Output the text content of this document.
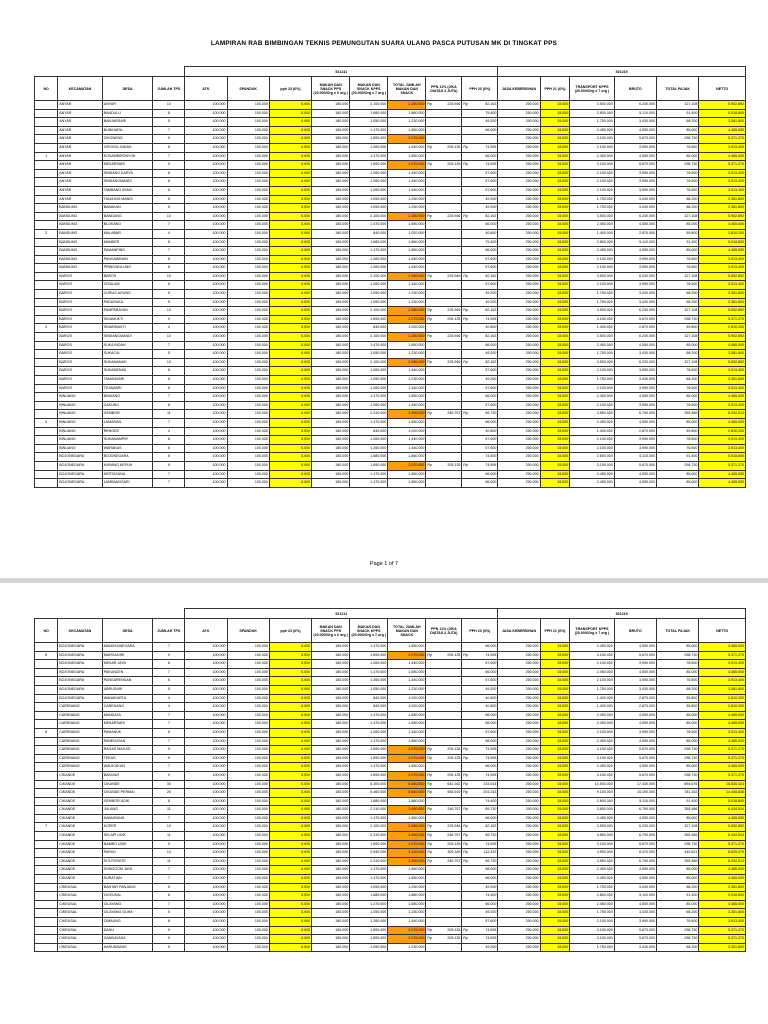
LAMPIRAN RAB BIMBINGAN TEKNIS PEMUNGUTAN SUARA ULANG PASCA PUTUSAN MK DI TINGKAT PPS
				521211								521219					
NO	KECAMATAN	DESA	JUMLAH TPS	ATK	SPANDUK	pph 23 (6%)	MAKAN DAN SNACK PPS (20.000/Org x 6 org )	MAKAN DAN SNACK KPPS (20.000/Org x 7 org )	TOTAL JUMLAH MAKAN DAN SNACK	PPN 11% (JIKA DIATAS 2 JUTA)	PPH 23 (6%)	JASA KEBERSIHAN	PPH 21 (6%)	TRANSPORT KPPS (20.000/Org x 7 org )	BRUTO	TOTAL PAJAK	NETTO
	ANYAR	ANYAR	10	100.000	100.000	6.000	180.000	2.100.000	2.280.000	Rp 225.946	Rp 82.162	250.000	15.000	3.500.000	6.230.000	327.108	5.902.892
	ANYAR	BANDULU	8	100.000	100.000	6.000	180.000	1.680.000	1.860.000		79.400	250.000	15.000	2.800.000	5.110.000	91.400	5.018.600
	ANYAR	BANJARSARI	5	100.000	100.000	6.000	180.000	1.050.000	1.230.000		49.200	250.000	15.000	1.750.000	3.430.000	68.200	3.361.800
	ANYAR	BUNIHARA	7	100.000	100.000	6.000	180.000	1.470.000	1.650.000		66.000	250.000	15.000	2.450.000	4.550.000	85.000	4.465.000
	ANYAR	CIKONENG	9	100.000	100.000	6.000	180.000	1.890.000	2.070.000			250.000	15.000	3.150.000	5.670.000	298.730	5.371.270
	ANYAR	GROGOL INDAH	6	100.000	100.000	6.000	180.000	1.260.000	1.440.000	Rp 205.135	Rp 74.595	250.000	15.000	2.100.000	3.990.000	76.600	3.913.400
1	ANYAR	KOSAMBIRONYOK	7	100.000	100.000	6.000	180.000	1.470.000	1.650.000		66.000	250.000	15.000	2.450.000	4.550.000	85.000	4.465.000
	ANYAR	MEKARSARI	9	100.000	100.000	6.000	180.000	1.890.000	2.070.000	Rp 205.135	Rp 74.595	250.000	15.000	3.150.000	5.670.000	298.730	5.371.270
	ANYAR	SINDANG KARYA	6	100.000	100.000	6.000	180.000	1.260.000	1.440.000		57.600	250.000	15.000	2.100.000	3.990.000	76.600	3.913.400
	ANYAR	SINDANGMANDI	6	100.000	100.000	6.000	180.000	1.260.000	1.440.000		57.600	250.000	15.000	2.100.000	3.990.000	76.600	3.913.400
	ANYAR	TAMBANG AYAM	6	100.000	100.000	6.000	180.000	1.260.000	1.440.000		57.600	250.000	15.000	2.100.000	3.990.000	76.600	3.913.400
	ANYAR	TANJUNG MANIS	5	100.000	100.000	6.000	180.000	1.050.000	1.230.000		49.200	250.000	15.000	1.750.000	3.430.000	68.200	3.361.800
	BANDUNG	BABAKAN	5	100.000	100.000	6.000	180.000	1.050.000	1.230.000		49.200	250.000	15.000	1.750.000	3.430.000	68.200	3.361.800
	BANDUNG	BANDUNG	10	100.000	100.000	6.000	180.000	2.100.000	2.280.000	Rp 225.946	Rp 82.162	250.000	15.000	3.500.000	6.230.000	327.108	5.902.892
	BANDUNG	BLOKANG	7	100.000	100.000	6.000	180.000	1.470.000	1.650.000		66.000	250.000	15.000	2.450.000	4.550.000	85.000	4.465.000
2	BANDUNG	MALABAR	4	100.000	100.000	6.000	180.000	840.000	1.020.000		40.800	250.000	15.000	1.400.000	2.870.000	59.800	2.810.200
	BANDUNG	MANDER	8	100.000	100.000	6.000	180.000	1.680.000	1.860.000		79.400	250.000	15.000	2.800.000	5.110.000	91.400	5.018.600
	BANDUNG	PAMANPING	7	100.000	100.000	6.000	180.000	1.470.000	1.650.000		66.000	250.000	15.000	2.450.000	4.550.000	85.000	4.465.000
	BANDUNG	PANGAWINAN	6	100.000	100.000	6.000	180.000	1.260.000	1.440.000		57.600	250.000	15.000	2.100.000	3.990.000	76.600	3.913.400
	BANDUNG	PRINGWULUNG	6	100.000	100.000	6.000	180.000	1.260.000	1.440.000		57.600	250.000	15.000	2.100.000	3.990.000	76.600	3.913.400
	BAROS	BAROS	10	100.000	100.000	6.000	180.000	2.100.000	2.280.000	Rp 225.946	Rp 82.162	250.000	15.000	3.500.000	6.230.000	327.108	5.902.892
	BAROS	CISALAM	6	100.000	100.000	6.000	180.000	1.260.000	1.440.000		57.600	250.000	15.000	2.100.000	3.990.000	76.600	3.913.400
	BAROS	CURUG AGUNG	5	100.000	100.000	6.000	180.000	1.050.000	1.230.000		49.200	250.000	15.000	1.750.000	3.430.000	68.200	3.361.800
	BAROS	PADASUKA	5	100.000	100.000	6.000	180.000	1.050.000	1.230.000		49.200	250.000	15.000	1.750.000	3.430.000	68.200	3.361.800
	BAROS	PAMPARAYAN	10	100.000	100.000	6.000	180.000	2.100.000	2.280.000	Rp 225.946	Rp 82.162	250.000	15.000	3.500.000	6.230.000	327.108	5.902.892
	BAROS	SIDAMUKTI	9	100.000	100.000	6.000	180.000	1.890.000	2.070.000	Rp 205.135	Rp 74.595	250.000	15.000	3.150.000	5.670.000	298.730	5.371.270
3	BAROS	SINARMUKTI	4	100.000	100.000	6.000	180.000	840.000	1.020.000		40.800	250.000	15.000	1.400.000	2.870.000	59.800	2.810.200
	BAROS	SINDANGMANDI	10	100.000	100.000	6.000	180.000	2.100.000	2.280.000	Rp 225.946	Rp 82.162	250.000	15.000	3.500.000	6.230.000	327.108	5.902.892
	BAROS	SUKA INDAH	7	100.000	100.000	6.000	180.000	1.470.000	1.650.000		66.000	250.000	15.000	2.450.000	4.550.000	85.000	4.465.000
	BAROS	SUKACAI	5	100.000	100.000	6.000	180.000	1.050.000	1.230.000		49.200	250.000	15.000	1.750.000	3.430.000	68.200	3.361.800
	BAROS	SUKAMANAH	10	100.000	100.000	6.000	180.000	2.100.000	2.280.000	Rp 225.946	Rp 82.162	250.000	15.000	3.500.000	6.230.000	327.108	5.902.892
	BAROS	SUKAMENAK	6	100.000	100.000	6.000	180.000	1.260.000	1.440.000		57.600	250.000	15.000	2.100.000	3.990.000	76.600	3.913.400
	BAROS	TAMANSARI	5	100.000	100.000	6.000	180.000	1.050.000	1.230.000		49.200	250.000	15.000	1.750.000	3.430.000	68.200	3.361.800
	BAROS	TEJAMARI	6	100.000	100.000	6.000	180.000	1.260.000	1.440.000		57.600	250.000	15.000	2.100.000	3.990.000	76.600	3.913.400
	BINUANG	BINUANG	7	100.000	100.000	6.000	180.000	1.470.000	1.650.000		66.000	250.000	15.000	2.450.000	4.550.000	85.000	4.465.000
	BINUANG	CAKUNG	6	100.000	100.000	6.000	180.000	1.260.000	1.440.000		57.600	250.000	15.000	2.100.000	3.990.000	76.600	3.913.400
	BINUANG	GEMBOR	11	100.000	100.000	6.000	180.000	2.310.000	2.490.000	Rp 246.757	Rp 89.730	250.000	15.000	3.850.000	6.790.000	355.486	6.434.514
4	BINUANG	LAMARAN	7	100.000	100.000	6.000	180.000	1.470.000	1.650.000		66.000	250.000	15.000	2.450.000	4.550.000	85.000	4.465.000
	BINUANG	RENGED	4	100.000	100.000	6.000	180.000	840.000	1.020.000		40.800	250.000	15.000	1.400.000	2.870.000	59.800	2.810.200
	BINUANG	SUKAMAMPIR	6	100.000	100.000	6.000	180.000	1.260.000	1.440.000		57.600	250.000	15.000	2.100.000	3.990.000	76.600	3.913.400
	BINUANG	WARAKAS	6	100.000	100.000	6.000	180.000	1.260.000	1.440.000		57.600	250.000	15.000	2.100.000	3.990.000	76.600	3.913.400
	BOJONEGARA	BOJONEGARA	8	100.000	100.000	6.000	180.000	1.680.000	1.860.000		74.400	250.000	15.000	2.800.000	5.110.000	91.400	5.018.600
	BOJONEGARA	KARANG KEPUH	9	100.000	100.000	6.000	180.000	1.890.000	2.070.000	Rp 205.135	Rp 74.595	250.000	15.000	3.150.000	5.670.000	298.730	5.371.270
	BOJONEGARA	KERTASANA	7	100.000	100.000	6.000	180.000	1.470.000	1.650.000		66.000	250.000	15.000	2.450.000	4.550.000	85.000	4.465.000
	BOJONEGARA	LAMBANGSARI	7	100.000	100.000	6.000	180.000	1.470.000	1.650.000		66.000	250.000	15.000	2.450.000	4.550.000	85.000	4.465.000
Page 1 of 7
				521211								521219					
NO	KECAMATAN	DESA	JUMLAH TPS	ATK	SPANDUK	pph 23 (6%)	MAKAN DAN SNACK PPS (20.000/Org x 6 org )	MAKAN DAN SNACK KPPS (20.000/Org x 7 org )	TOTAL JUMLAH MAKAN DAN SNACK	PPN 11% (JIKA DIATAS 2 JUTA)	PPH 23 (6%)	JASA KEBERSIHAN	PPH 21 (6%)	TRANSPORT KPPS (20.000/Org x 7 org )	BRUTO	TOTAL PAJAK	NETTO
	BOJONEGARA	MANGKUNEGARA	7	100.000	100.000	6.000	180.000	1.470.000	1.650.000		66.000	250.000	15.000	2.450.000	4.550.000	85.000	4.465.000
5	BOJONEGARA	MARGAGIRI	9	100.000	100.000	6.000	180.000	1.890.000	2.070.000	Rp 205.135	Rp 74.595	250.000	15.000	3.150.000	5.670.000	298.730	5.371.270
	BOJONEGARA	MEKAR JAYA	6	100.000	100.000	6.000	180.000	1.260.000	1.440.000		57.600	250.000	15.000	2.100.000	3.990.000	76.600	3.913.400
	BOJONEGARA	PAKUNCEN	7	100.000	100.000	6.000	180.000	1.470.000	1.650.000		66.000	250.000	15.000	2.450.000	4.550.000	85.000	4.465.000
	BOJONEGARA	PANGARENGAN	6	100.000	100.000	6.000	180.000	1.260.000	1.440.000		57.600	250.000	15.000	2.100.000	3.990.000	76.600	3.913.400
	BOJONEGARA	UBRUSARI	5	100.000	100.000	6.000	180.000	1.050.000	1.230.000		49.200	250.000	15.000	1.750.000	3.430.000	68.200	3.361.800
	BOJONEGARA	WANAKARTA	4	100.000	100.000	6.000	180.000	840.000	1.020.000		40.800	250.000	15.000	1.400.000	2.870.000	59.800	2.810.200
	CARENANG	CARENANG	4	100.000	100.000	6.000	180.000	840.000	1.020.000		40.800	250.000	15.000	1.400.000	2.870.000	59.800	2.810.200
	CARENANG	MANDAYA	7	100.000	100.000	6.000	180.000	1.470.000	1.650.000		66.000	250.000	15.000	2.450.000	4.550.000	85.000	4.465.000
	CARENANG	MEKARSARI	7	100.000	100.000	6.000	180.000	1.470.000	1.650.000		66.000	250.000	15.000	2.450.000	4.550.000	85.000	4.465.000
6	CARENANG	PAMANUK	6	100.000	100.000	6.000	180.000	1.260.000	1.440.000		57.600	250.000	15.000	2.100.000	3.990.000	76.600	3.913.400
	CARENANG	PANENJOAN	7	100.000	100.000	6.000	180.000	1.470.000	1.650.000		66.000	250.000	15.000	2.450.000	4.550.000	85.000	4.465.000
	CARENANG	RAGAS MASJID	9	100.000	100.000	6.000	180.000	1.890.000	2.070.000	Rp 205.135	Rp 74.595	250.000	15.000	3.150.000	5.670.000	298.730	5.371.270
	CARENANG	TEKAS	9	100.000	100.000	6.000	180.000	1.890.000	2.070.000	Rp 205.135	Rp 74.595	250.000	15.000	3.150.000	5.670.000	298.730	5.371.270
	CARENANG	WALIKUKUN	7	100.000	100.000	6.000	180.000	1.470.000	1.650.000		66.000	250.000	15.000	2.450.000	4.550.000	85.000	4.465.000
	CIKANDE	BAKUNG	9	100.000	100.000	6.000	180.000	1.890.000	2.070.000	Rp 205.135	Rp 74.595	250.000	15.000	3.150.000	5.670.000	298.730	5.371.270
	CIKANDE	CIKANDE	30	100.000	100.000	6.000	180.000	6.300.000	6.480.000	Rp 642.162	Rp 233.514	250.000	15.000	10.500.000	17.430.000	894.676	16.535.324
	CIKANDE	CIKANDE PERMAI	26	100.000	100.000	6.000	180.000	5.460.000	5.640.000	Rp 558.919	Rp 203.243	250.000	15.000	9.100.000	15.190.000	781.162	14.408.838
	CIKANDE	GEMBOR UDIK	8	100.000	100.000	6.000	180.000	1.680.000	1.860.000		74.400	250.000	15.000	2.800.000	5.110.000	91.400	5.018.600
	CIKANDE	JULANG	11	100.000	100.000	6.000	180.000	2.310.000	2.490.000	Rp 246.757	Rp 89.730	250.000	15.000	3.850.000	6.790.000	355.486	6.434.514
	CIKANDE	KAMURANG	7	100.000	100.000	6.000	180.000	1.470.000	1.650.000		66.000	250.000	15.000	2.450.000	4.550.000	85.000	4.465.000
7	CIKANDE	KOPER	10	100.000	100.000	6.000	180.000	2.100.000	2.280.000	Rp 225.946	Rp 82.162	250.000	15.000	3.500.000	6.230.000	327.108	5.902.892
	CIKANDE	SELAPI UDIK	11	100.000	100.000	6.000	180.000	2.310.000	2.490.000	Rp 246.757	Rp 89.730	250.000	15.000	3.850.000	6.790.000	355.486	6.434.514
	CIKANDE	NAMBO UDIK	9	100.000	100.000	6.000	180.000	1.890.000	2.070.000	Rp 205.135	Rp 74.595	250.000	15.000	3.150.000	5.670.000	298.730	5.371.270
	CIKANDE	PARIGI	14	100.000	100.000	6.000	180.000	2.940.000	3.120.000	Rp 309.189	Rp 112.432	250.000	15.000	4.900.000	8.470.000	440.621	8.029.379
	CIKANDE	SITUTERATE	11	100.000	100.000	6.000	180.000	2.310.000	2.490.000	Rp 246.757	Rp 89.730	250.000	15.000	3.850.000	6.790.000	355.486	6.434.514
	CIKANDE	SONGGOM JAYA	7	100.000	100.000	6.000	180.000	1.470.000	1.650.000		66.000	250.000	15.000	2.450.000	4.550.000	85.000	4.465.000
	CIKANDE	SURATIAN	7	100.000	100.000	6.000	180.000	1.470.000	1.650.000		66.000	250.000	15.000	2.450.000	4.550.000	85.000	4.465.000
	CIKEUSAL	BANTAR PANJANG	5	100.000	100.000	6.000	180.000	1.050.000	1.230.000		49.200	250.000	15.000	1.750.000	3.430.000	68.200	3.361.800
	CIKEUSAL	CIKEUSAL	8	100.000	100.000	6.000	180.000	1.680.000	1.860.000		74.400	250.000	15.000	2.800.000	5.110.000	91.400	5.018.600
	CIKEUSAL	CILAYANG	7	100.000	100.000	6.000	180.000	1.470.000	1.650.000		66.000	250.000	15.000	2.450.000	4.550.000	85.000	4.465.000
	CIKEUSAL	CILAYANG GUHA	5	100.000	100.000	6.000	180.000	1.050.000	1.230.000		49.200	250.000	15.000	1.750.000	3.430.000	68.200	3.361.800
	CIKEUSAL	CIMAUNG	6	100.000	100.000	6.000	180.000	1.260.000	1.440.000		57.600	250.000	15.000	2.100.000	3.990.000	76.600	3.913.400
	CIKEUSAL	DAHU	9	100.000	100.000	6.000	180.000	1.890.000	2.070.000	Rp 205.135	Rp 74.595	250.000	15.000	3.150.000	5.670.000	298.730	5.371.270
	CIKEUSAL	GANDAYASA	9	100.000	100.000	6.000	180.000	1.890.000	2.070.000	Rp 205.135	Rp 74.595	250.000	15.000	3.150.000	5.670.000	298.730	5.371.270
	CIKEUSAL	HARUNDANG	5	100.000	100.000	6.000	180.000	1.050.000	1.230.000		49.200	250.000	15.000	1.750.000	3.430.000	68.200	3.361.800
